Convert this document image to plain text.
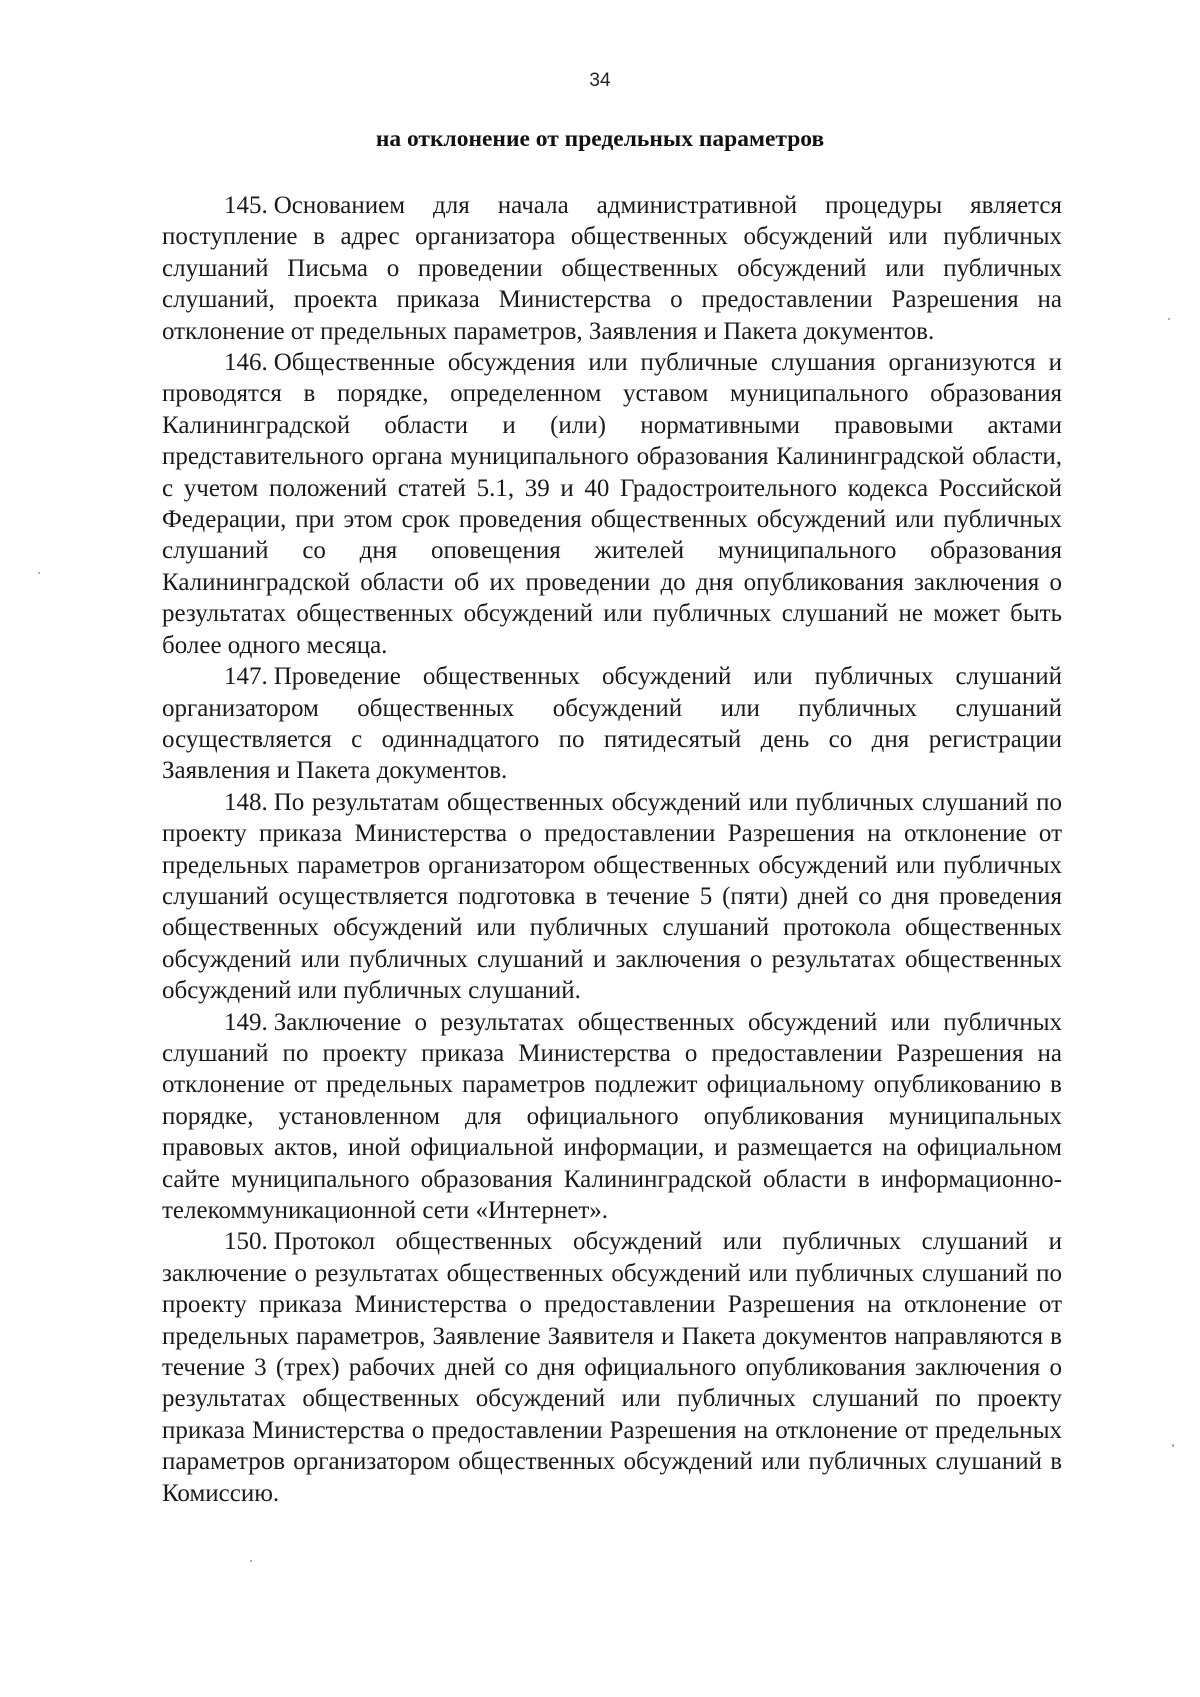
34
на отклонение от предельных параметров

145. Основанием для начала административной процедуры является поступление в адрес организатора общественных обсуждений или публичных слушаний Письма о проведении общественных обсуждений или публичных слушаний, проекта приказа Министерства о предоставлении Разрешения на отклонение от предельных параметров, Заявления и Пакета документов.

146. Общественные обсуждения или публичные слушания организуются и проводятся в порядке, определенном уставом муниципального образования Калининградской области и (или) нормативными правовыми актами представительного органа муниципального образования Калининградской области, с учетом положений статей 5.1, 39 и 40 Градостроительного кодекса Российской Федерации, при этом срок проведения общественных обсуждений или публичных слушаний со дня оповещения жителей муниципального образования Калининградской области об их проведении до дня опубликования заключения о результатах общественных обсуждений или публичных слушаний не может быть более одного месяца.

147. Проведение общественных обсуждений или публичных слушаний организатором общественных обсуждений или публичных слушаний осуществляется с одиннадцатого по пятидесятый день со дня регистрации Заявления и Пакета документов.

148. По результатам общественных обсуждений или публичных слушаний по проекту приказа Министерства о предоставлении Разрешения на отклонение от предельных параметров организатором общественных обсуждений или публичных слушаний осуществляется подготовка в течение 5 (пяти) дней со дня проведения общественных обсуждений или публичных слушаний протокола общественных обсуждений или публичных слушаний и заключения о результатах общественных обсуждений или публичных слушаний.

149. Заключение о результатах общественных обсуждений или публичных слушаний по проекту приказа Министерства о предоставлении Разрешения на отклонение от предельных параметров подлежит официальному опубликованию в порядке, установленном для официального опубликования муниципальных правовых актов, иной официальной информации, и размещается на официальном сайте муниципального образования Калининградской области в информационно-телекоммуникационной сети «Интернет».

150. Протокол общественных обсуждений или публичных слушаний и заключение о результатах общественных обсуждений или публичных слушаний по проекту приказа Министерства о предоставлении Разрешения на отклонение от предельных параметров, Заявление Заявителя и Пакета документов направляются в течение 3 (трех) рабочих дней со дня официального опубликования заключения о результатах общественных обсуждений или публичных слушаний по проекту приказа Министерства о предоставлении Разрешения на отклонение от предельных параметров организатором общественных обсуждений или публичных слушаний в Комиссию.
